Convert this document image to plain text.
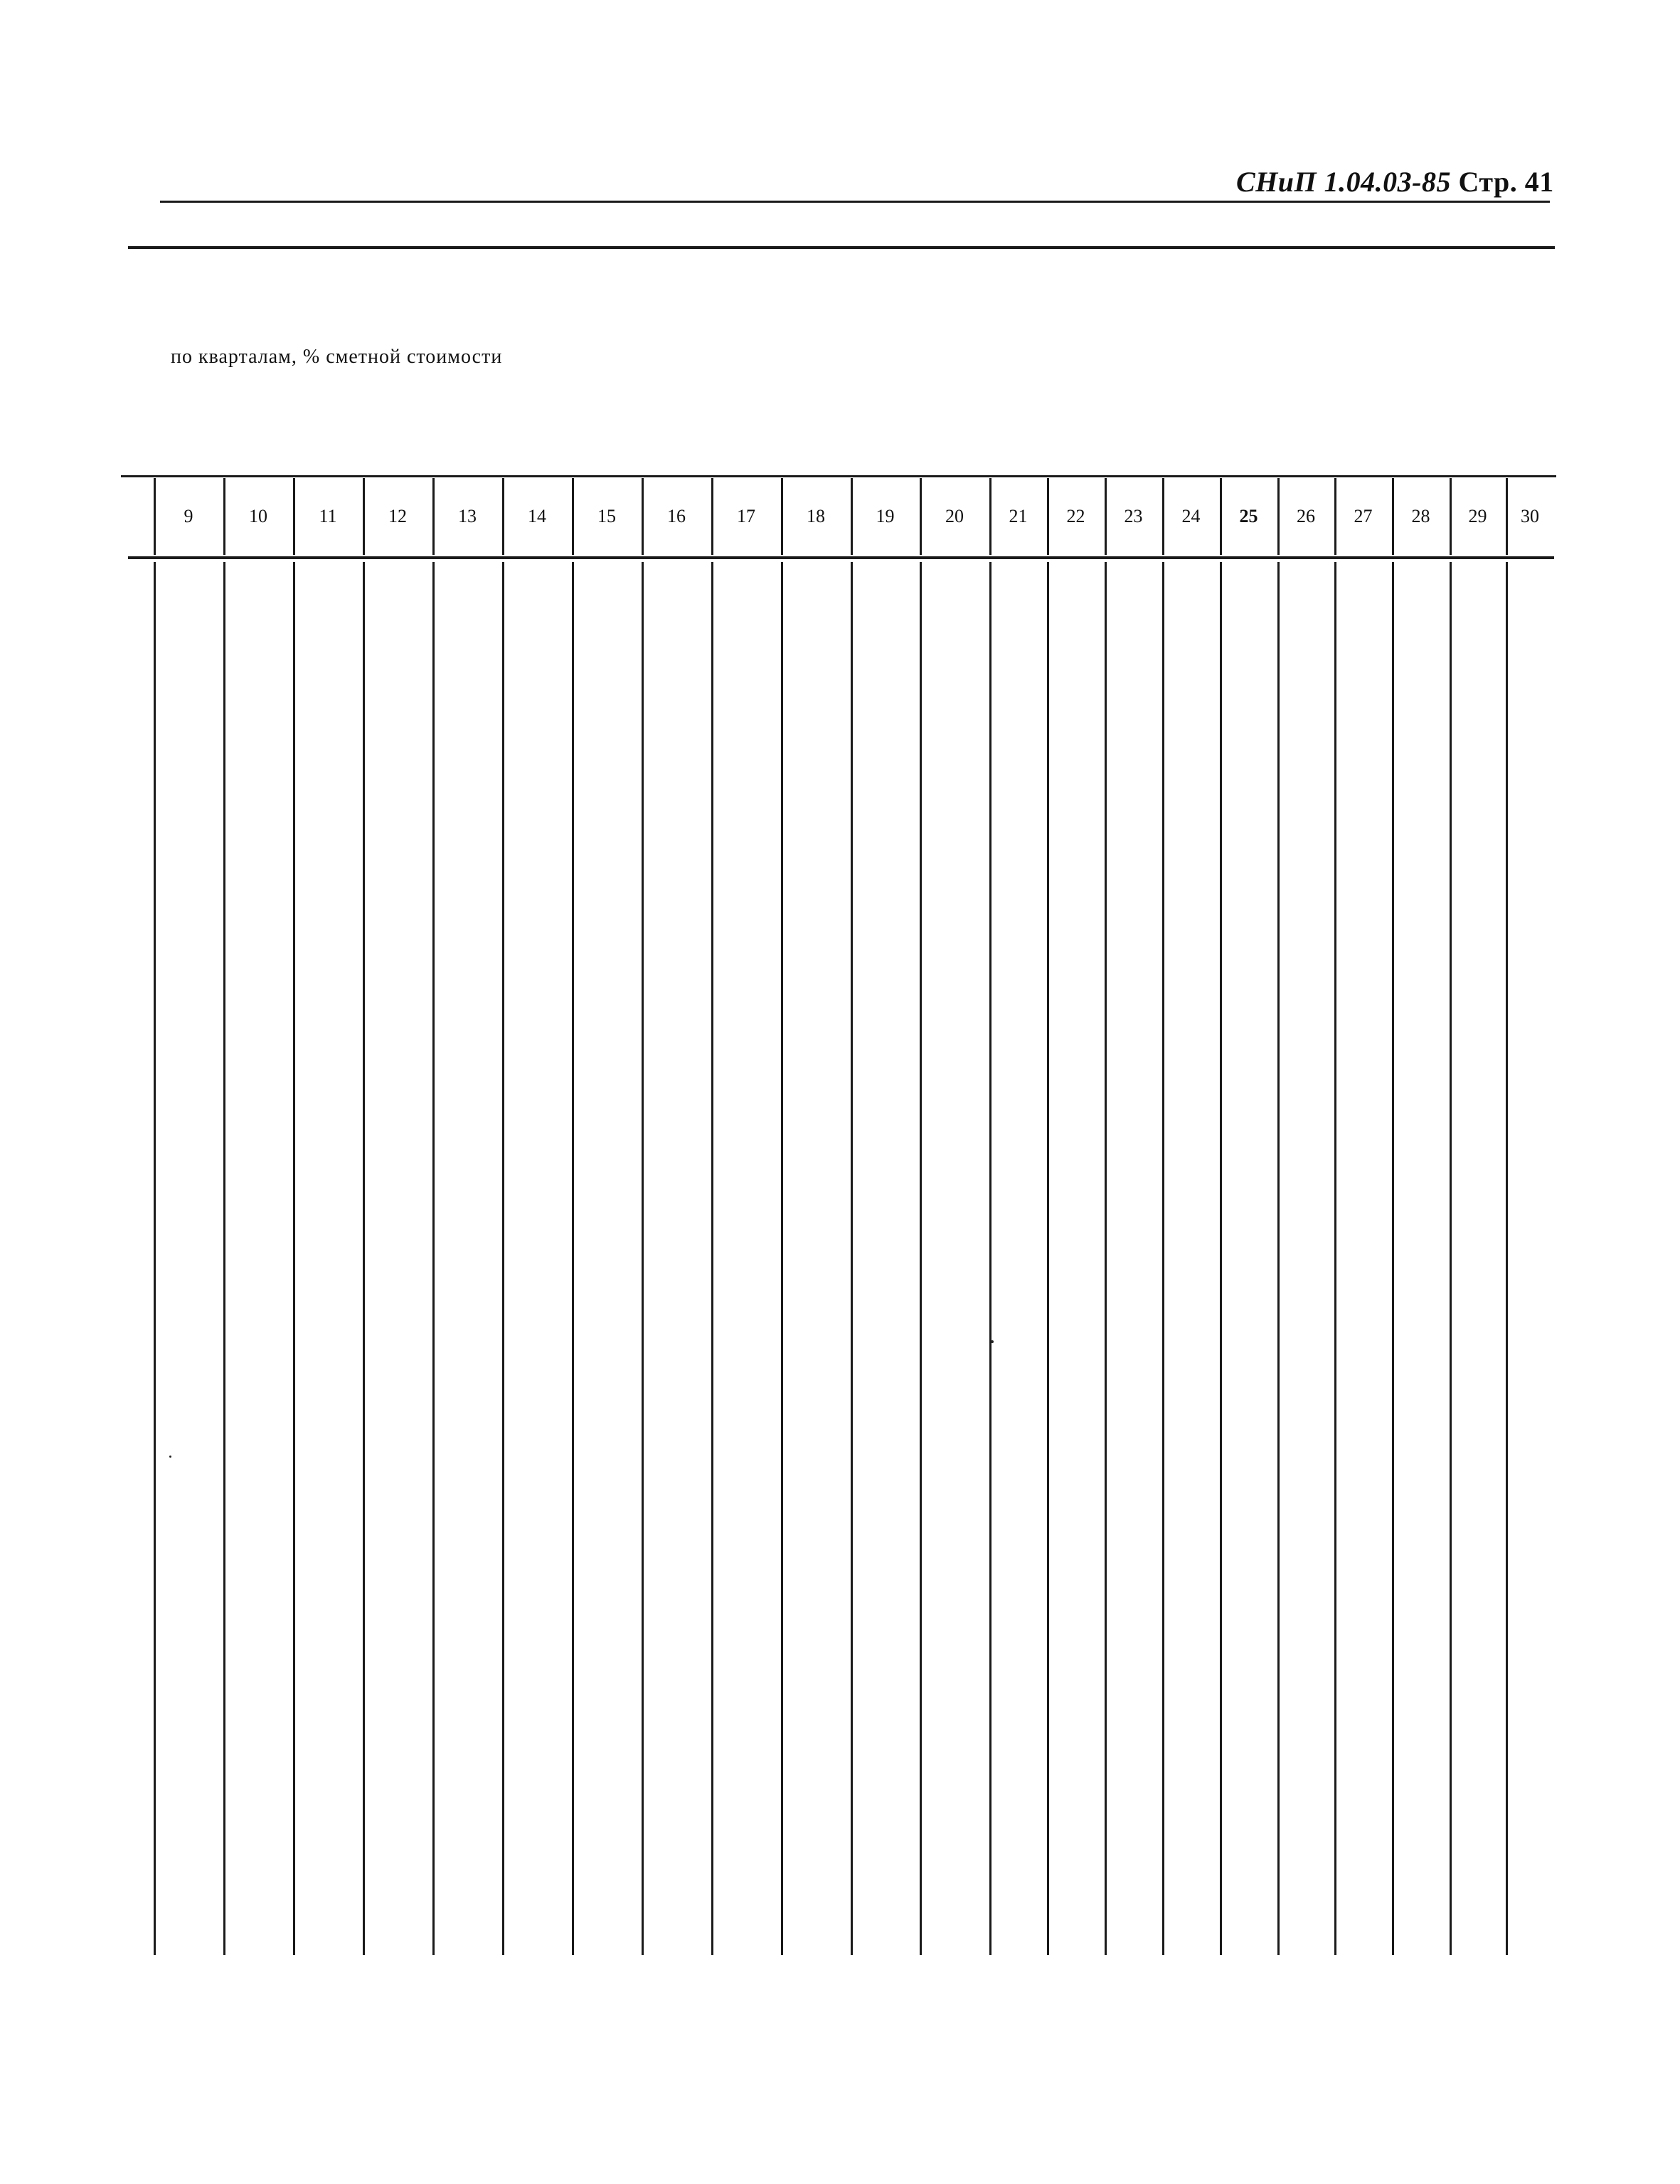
СНиП 1.04.03-85 Стр. 41
по кварталам, % сметной стоимости
9	10	11	12	13	14	15	16	17	18	19	20	21	22	23	24	25	26	27	28	29	30
